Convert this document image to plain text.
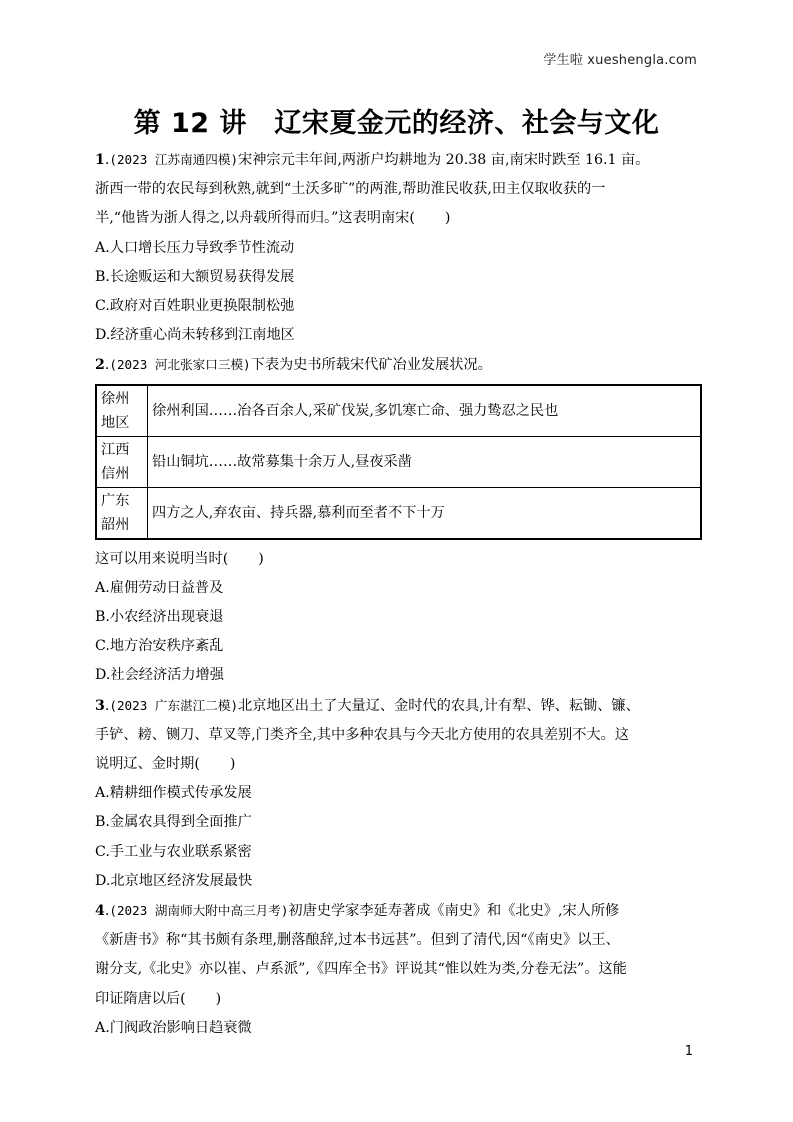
学生啦 xueshengla.com
第 12 讲　辽宋夏金元的经济、社会与文化

1.(2023 江苏南通四模)宋神宗元丰年间,两浙户均耕地为 20.38 亩,南宋时跌至 16.1 亩。

浙西一带的农民每到秋熟,就到“土沃多旷”的两淮,帮助淮民收获,田主仅取收获的一

半,“他皆为浙人得之,以舟载所得而归。”这表明南宋( )

A.人口增长压力导致季节性流动

B.长途贩运和大额贸易获得发展

C.政府对百姓职业更换限制松弛

D.经济重心尚未转移到江南地区

2.(2023 河北张家口三模)下表为史书所载宋代矿冶业发展状况。

徐州
地区	徐州利国……冶各百余人,采矿伐炭,多饥寒亡命、强力鸷忍之民也
江西
信州	铅山铜坑……故常募集十余万人,昼夜采凿
广东
韶州	四方之人,弃农亩、持兵器,慕利而至者不下十万

这可以用来说明当时( )

A.雇佣劳动日益普及

B.小农经济出现衰退

C.地方治安秩序紊乱

D.社会经济活力增强

3.(2023 广东湛江二模)北京地区出土了大量辽、金时代的农具,计有犁、铧、耘锄、镰、

手铲、耪、铡刀、草叉等,门类齐全,其中多种农具与今天北方使用的农具差别不大。这

说明辽、金时期( )

A.精耕细作模式传承发展

B.金属农具得到全面推广

C.手工业与农业联系紧密

D.北京地区经济发展最快

4.(2023 湖南师大附中高三月考)初唐史学家李延寿著成《南史》和《北史》,宋人所修

《新唐书》称“其书颇有条理,删落酿辞,过本书远甚”。但到了清代,因“《南史》以王、

谢分支,《北史》亦以崔、卢系派”,《四库全书》评说其“惟以姓为类,分卷无法”。这能

印证隋唐以后( )

A.门阀政治影响日趋衰微

1
